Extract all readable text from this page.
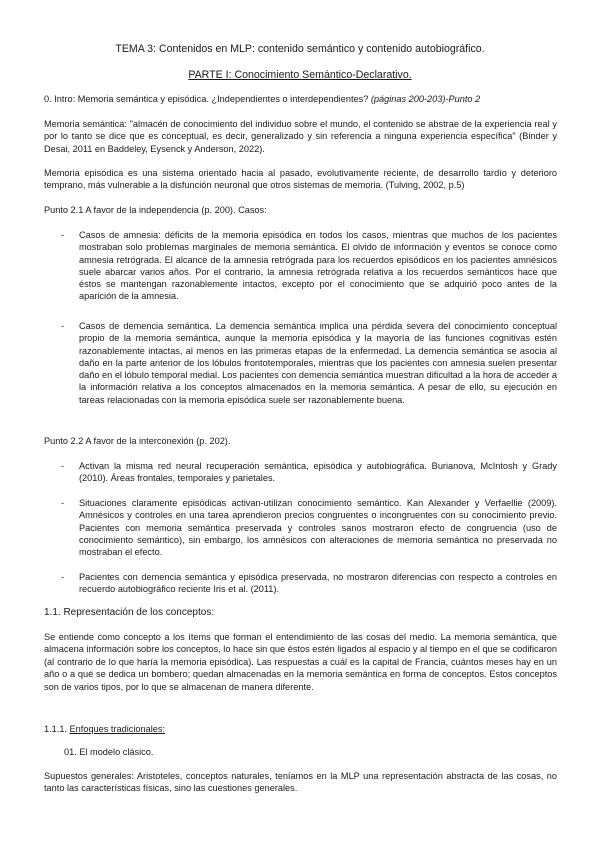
TEMA 3: Contenidos en MLP: contenido semántico y contenido autobiográfico.
PARTE I: Conocimiento Semántico-Declarativo.

0. Intro: Memoria semántica y episódica. ¿Independientes o interdependientes? (páginas 200-203)-Punto 2

Memoria semántica: "almacén de conocimiento del individuo sobre el mundo, el contenido se abstrae de la experiencia real y por lo tanto se dice que es conceptual, es decir, generalizado y sin referencia a ninguna experiencia específica" (Binder y Desai, 2011 en Baddeley, Eysenck y Anderson, 2022).

Memoria episódica es una sistema orientado hacia al pasado, evolutivamente reciente, de desarrollo tardío y deterioro temprano, más vulnerable a la disfunción neuronal que otros sistemas de memoria. (Tulving, 2002, p.5)

Punto 2.1 A favor de la independencia (p. 200). Casos:

- Casos de amnesia: déficits de la memoria episódica en todos los casos, mientras que muchos de los pacientes mostraban solo problemas marginales de memoria semántica. El olvido de información y eventos se conoce como amnesia retrógrada. El alcance de la amnesia retrógrada para los recuerdos episódicos en los pacientes amnésicos suele abarcar varios años. Por el contrario, la amnesia retrógrada relativa a los recuerdos semánticos hace que éstos se mantengan razonablemente intactos, excepto por el conocimiento que se adquirió poco antes de la aparición de la amnesia.

- Casos de demencia semántica. La demencia semántica implica una pérdida severa del conocimiento conceptual propio de la memoria semántica, aunque la memoria episódica y la mayoría de las funciones cognitivas estén razonablemente intactas, al menos en las primeras etapas de la enfermedad. La demencia semántica se asocia al daño en la parte anterior de los lóbulos frontotemporales, mientras que los pacientes con amnesia suelen presentar daño en el lóbulo temporal medial. Los pacientes con demencia semántica muestran dificultad a la hora de acceder a la información relativa a los conceptos almacenados en la memoria semántica. A pesar de ello, su ejecución en tareas relacionadas con la memoria episódica suele ser razonablemente buena.

Punto 2.2 A favor de la interconexión (p. 202).

- Activan la misma red neural recuperación semántica, episódica y autobiográfica. Burianova, McIntosh y Grady (2010). Áreas frontales, temporales y parietales.

- Situaciones claramente episódicas activan-utilizan conocimiento semántico. Kan Alexander y Verfaellie (2009). Amnésicos y controles en una tarea aprendieron precios congruentes o incongruentes con su conocimiento previo. Pacientes con memoria semántica preservada y controles sanos mostraron efecto de congruencia (uso de conocimiento semántico), sin embargo, los amnésicos con alteraciones de memoria semántica no preservada no mostraban el efecto.

- Pacientes con demencia semántica y episódica preservada, no mostraron diferencias con respecto a controles en recuerdo autobiográfico reciente Iris et al. (2011).

1.1. Representación de los conceptos:

Se entiende como concepto a los ítems que forman el entendimiento de las cosas del medio. La memoria semántica, que almacena información sobre los conceptos, lo hace sin que éstos estén ligados al espacio y al tiempo en el que se codificaron (al contrario de lo que haría la memoria episódica). Las respuestas a cuál es la capital de Francia, cuántos meses hay en un año o a qué se dedica un bombero; quedan almacenadas en la memoria semántica en forma de conceptos. Estos conceptos son de varios tipos, por lo que se almacenan de manera diferente.

1.1.1. Enfoques tradicionales:

01. El modelo clásico.

Supuestos generales: Aristoteles, conceptos naturales, teníamos en la MLP una representación abstracta de las cosas, no tanto las características físicas, sino las cuestiones generales.
